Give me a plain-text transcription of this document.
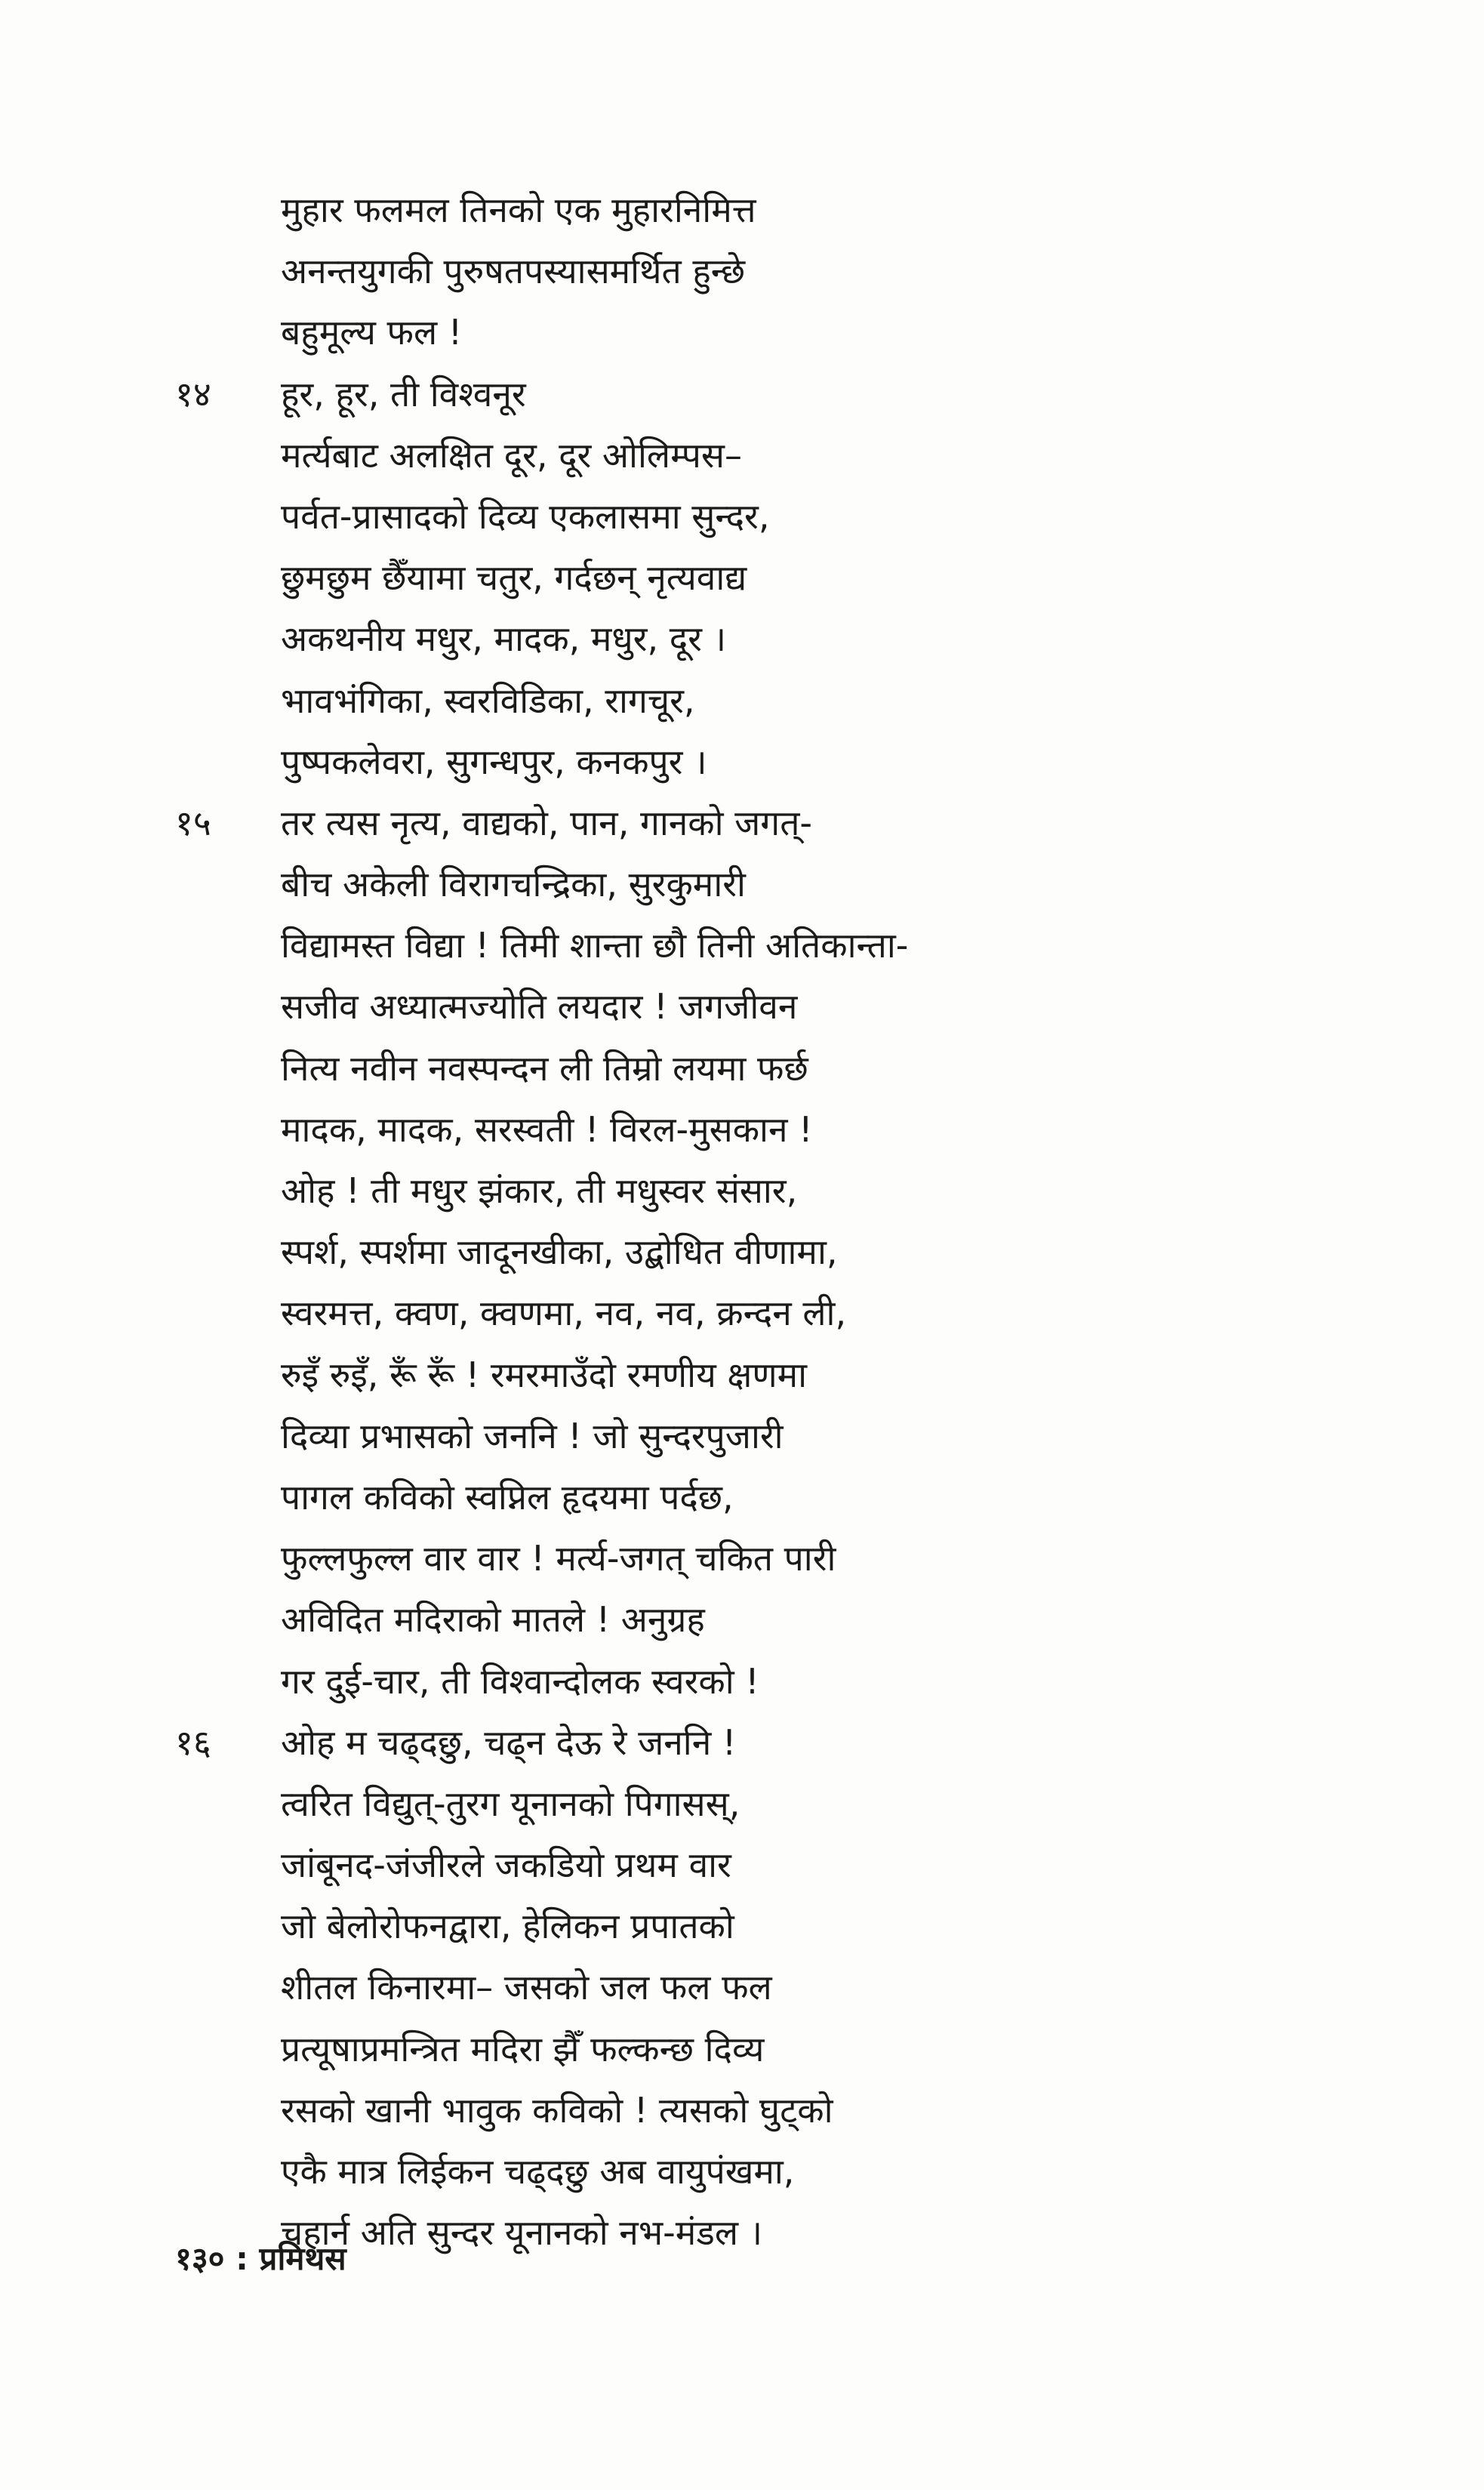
मुहार फलमल तिनको एक मुहारनिमित्त
अनन्तयुगकी पुरुषतपस्यासमर्थित हुन्छे
बहुमूल्य फल !
१४ हूर, हूर, ती विश्वनूर
मर्त्यबाट अलक्षित दूर, दूर ओलिम्पस–
पर्वत-प्रासादको दिव्य एकलासमा सुन्दर,
छुमछुम छैँयामा चतुर, गर्दछन् नृत्यवाद्य
अकथनीय मधुर, मादक, मधुर, दूर ।
भावभंगिका, स्वरविडिका, रागचूर,
पुष्पकलेवरा, सुगन्धपुर, कनकपुर ।
१५ तर त्यस नृत्य, वाद्यको, पान, गानको जगत्-
बीच अकेली विरागचन्द्रिका, सुरकुमारी
विद्यामस्त विद्या ! तिमी शान्ता छौ तिनी अतिकान्ता-
सजीव अध्यात्मज्योति लयदार ! जगजीवन
नित्य नवीन नवस्पन्दन ली तिम्रो लयमा फर्छ
मादक, मादक, सरस्वती ! विरल-मुसकान !
ओह ! ती मधुर झंकार, ती मधुस्वर संसार,
स्पर्श, स्पर्शमा जादूनखीका, उद्बोधित वीणामा,
स्वरमत्त, क्वण, क्वणमा, नव, नव, क्रन्दन ली,
रुइँ रुइँ, रूँ रूँ ! रमरमाउँदो रमणीय क्षणमा
दिव्या प्रभासको जननि ! जो सुन्दरपुजारी
पागल कविको स्वप्निल हृदयमा पर्दछ,
फुल्लफुल्ल वार वार ! मर्त्य-जगत् चकित पारी
अविदित मदिराको मातले ! अनुग्रह
गर दुई-चार, ती विश्वान्दोलक स्वरको !
१६ ओह म चढ्दछु, चढ्न देऊ रे जननि !
त्वरित विद्युत्-तुरग यूनानको पिगासस्,
जांबूनद-जंजीरले जकडियो प्रथम वार
जो बेलोरोफनद्वारा, हेलिकन प्रपातको
शीतल किनारमा– जसको जल फल फल
प्रत्यूषाप्रमन्त्रित मदिरा झैँ फल्कन्छ दिव्य
रसको खानी भावुक कविको ! त्यसको घुट्को
एकै मात्र लिईकन चढ्दछु अब वायुपंखमा,
चहार्न अति सुन्दर यूनानको नभ-मंडल ।
१३० : प्रमिथस
